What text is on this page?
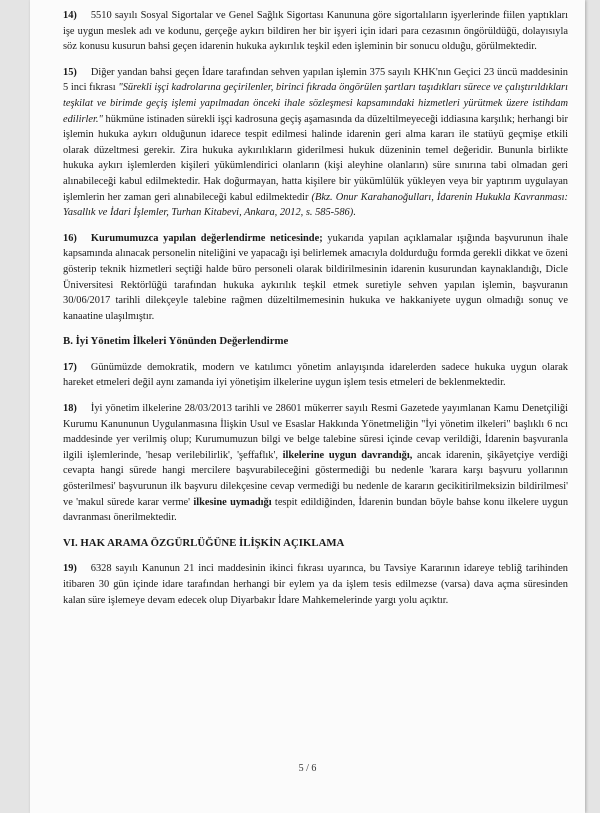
14) 5510 sayılı Sosyal Sigortalar ve Genel Sağlık Sigortası Kanununa göre sigortalıların işyerlerinde fiilen yaptıkları işe uygun meslek adı ve kodunu, gerçeğe aykırı bildiren her bir işyeri için idari para cezasının öngörüldüğü, dolayısıyla söz konusu kusurun bahsi geçen idarenin hukuka aykırılık teşkil eden işleminin bir sonucu olduğu, görülmektedir.

15) Diğer yandan bahsi geçen İdare tarafından sehven yapılan işlemin 375 sayılı KHK'nın Geçici 23 üncü maddesinin 5 inci fıkrası "Sürekli işçi kadrolarına geçirilenler, birinci fıkrada öngörülen şartları taşıdıkları sürece ve çalıştırıldıkları teşkilat ve birimde geçiş işlemi yapılmadan önceki ihale sözleşmesi kapsamındaki hizmetleri yürütmek üzere istihdam edilirler." hükmüne istinaden sürekli işçi kadrosuna geçiş aşamasında da düzeltilmeyeceği iddiasına karşılık; herhangi bir işlemin hukuka aykırı olduğunun idarece tespit edilmesi halinde idarenin geri alma kararı ile statüyü geçmişe etkili olarak düzeltmesi gerekir. Zira hukuka aykırılıkların giderilmesi hukuk düzeninin temel değeridir. Bununla birlikte hukuka aykırı işlemlerden kişileri yükümlendirici olanların (kişi aleyhine olanların) süre sınırına tabi olmadan geri alınabileceği kabul edilmektedir. Hak doğurmayan, hatta kişilere bir yükümlülük yükleyen veya bir yaptırım uygulayan işlemlerin her zaman geri alınabileceği kabul edilmektedir (Bkz. Onur Karahanoğulları, İdarenin Hukukla Kavranması: Yasallık ve İdari İşlemler, Turhan Kitabevi, Ankara, 2012, s. 585-586).

16) Kurumumuzca yapılan değerlendirme neticesinde; yukarıda yapılan açıklamalar ışığında başvurunun ihale kapsamında alınacak personelin niteliğini ve yapacağı işi belirlemek amacıyla doldurduğu formda gerekli dikkat ve özeni gösterip teknik hizmetleri seçtiği halde büro personeli olarak bildirilmesinin idarenin kusurundan kaynaklandığı, Dicle Üniversitesi Rektörlüğü tarafından hukuka aykırılık teşkil etmek suretiyle sehven yapılan işlemin, başvuranın 30/06/2017 tarihli dilekçeyle talebine rağmen düzeltilmemesinin hukuka ve hakkaniyete uygun olmadığı sonuç ve kanaatine ulaşılmıştır.

B. İyi Yönetim İlkeleri Yönünden Değerlendirme

17) Günümüzde demokratik, modern ve katılımcı yönetim anlayışında idarelerden sadece hukuka uygun olarak hareket etmeleri değil aynı zamanda iyi yönetişim ilkelerine uygun işlem tesis etmeleri de beklenmektedir.

18) İyi yönetim ilkelerine 28/03/2013 tarihli ve 28601 mükerrer sayılı Resmi Gazetede yayımlanan Kamu Denetçiliği Kurumu Kanununun Uygulanmasına İlişkin Usul ve Esaslar Hakkında Yönetmeliğin "İyi yönetim ilkeleri" başlıklı 6 ncı maddesinde yer verilmiş olup; Kurumumuzun bilgi ve belge talebine süresi içinde cevap verildiği, İdarenin başvuranla ilgili işlemlerinde, 'hesap verilebilirlik', 'şeffaflık', ilkelerine uygun davrandığı, ancak idarenin, şikâyetçiye verdiği cevapta hangi sürede hangi mercilere başvurabileceğini göstermediği bu nedenle 'karara karşı başvuru yollarının gösterilmesi' başvurunun ilk başvuru dilekçesine cevap vermediği bu nedenle de kararın gecikitirilmeksizin bildirilmesi' ve 'makul sürede karar verme' ilkesine uymadığı tespit edildiğinden, İdarenin bundan böyle bahse konu ilkelere uygun davranması önerilmektedir.

VI. HAK ARAMA ÖZGÜRLÜĞÜNE İLİŞKİN AÇIKLAMA

19) 6328 sayılı Kanunun 21 inci maddesinin ikinci fıkrası uyarınca, bu Tavsiye Kararının idareye tebliğ tarihinden itibaren 30 gün içinde idare tarafından herhangi bir eylem ya da işlem tesis edilmezse (varsa) dava açma süresinden kalan süre işlemeye devam edecek olup Diyarbakır İdare Mahkemelerinde yargı yolu açıktır.

5 / 6
